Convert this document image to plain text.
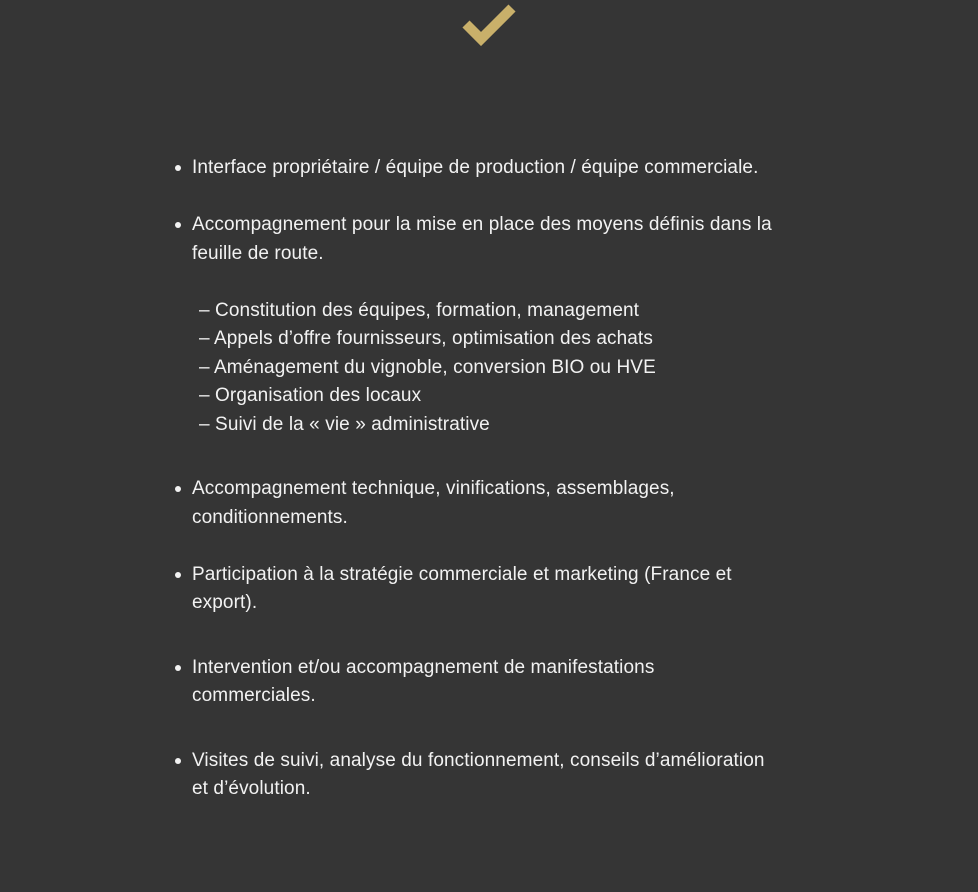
Interface propriétaire / équipe de production / équipe commerciale.
Accompagnement pour la mise en place des moyens définis dans la
feuille de route.
– Constitution des équipes, formation, management
– Appels d’offre fournisseurs, optimisation des achats
– Aménagement du vignoble, conversion BIO ou HVE
– Organisation des locaux
– Suivi de la « vie » administrative
Accompagnement technique, vinifications, assemblages,
conditionnements.
Participation à la stratégie commerciale et marketing (France et
export).
Intervention et/ou accompagnement de manifestations
commerciales.
Visites de suivi, analyse du fonctionnement, conseils d’amélioration
et d’évolution.
